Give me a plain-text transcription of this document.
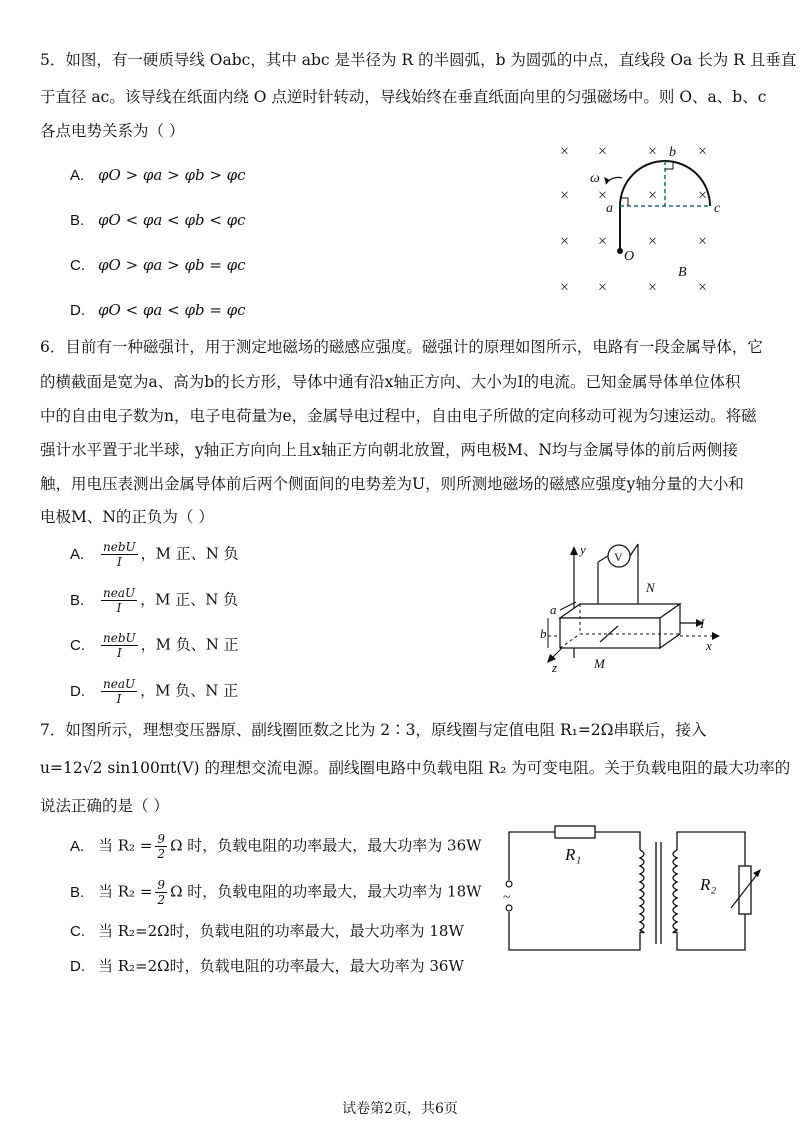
5．如图，有一硬质导线 Oabc，其中 abc 是半径为 R 的半圆弧，b 为圆弧的中点，直线段 Oa 长为 R 且垂直
于直径 ac。该导线在纸面内绕 O 点逆时针转动，导线始终在垂直纸面向里的匀强磁场中。则 O、a、b、c
各点电势关系为（ ）
A. φO > φa > φb > φc
B. φO < φa < φb < φc
C. φO > φa > φb = φc
D. φO < φa < φb = φc
× ×	×	×
× ×	×	×
× ×	×	×
× ×	×	×
ω
a
b
c
O
B
6．目前有一种磁强计，用于测定地磁场的磁感应强度。磁强计的原理如图所示，电路有一段金属导体，它
的横截面是宽为a、高为b的长方形，导体中通有沿x轴正方向、大小为I的电流。已知金属导体单位体积
中的自由电子数为n，电子电荷量为e，金属导电过程中，自由电子所做的定向移动可视为匀速运动。将磁
强计水平置于北半球，y轴正方向向上且x轴正方向朝北放置，两电极M、N均与金属导体的前后两侧接
触，用电压表测出金属导体前后两个侧面间的电势差为U，则所测地磁场的磁感应强度y轴分量的大小和
电极M、N的正负为（ ）
A. $\frac{\text{nebU}}{I}$ ，M 正、N 负
B. $\frac{\text{neaU}}{I}$ ，M 正、N 负
C. $\frac{\text{nebU}}{I}$ ，M 负、N 正
D. $\frac{\text{neaU}}{I}$ ，M 负、N 正
y V
N
a
b
I
x
z	M
7．如图所示，理想变压器原、副线圈匝数之比为 2∶3，原线圈与定值电阻 R₁=2Ω串联后，接入
u=12√2 sin100πt(V) 的理想交流电源。副线圈电路中负载电阻 R₂ 为可变电阻。关于负载电阻的最大功率的
说法正确的是（ ）
A. 当 $R_2 = \frac{9}{2}$ Ω 时，负载电阻的功率最大，最大功率为 36W
B. 当 $R_2 = \frac{9}{2}$ Ω 时，负载电阻的功率最大，最大功率为 18W
C. 当 R₂=2Ω时，负载电阻的功率最大，最大功率为 18W
D. 当 R₂=2Ω时，负载电阻的功率最大，最大功率为 36W
R₁
R₂
~
试卷第2页，共6页
